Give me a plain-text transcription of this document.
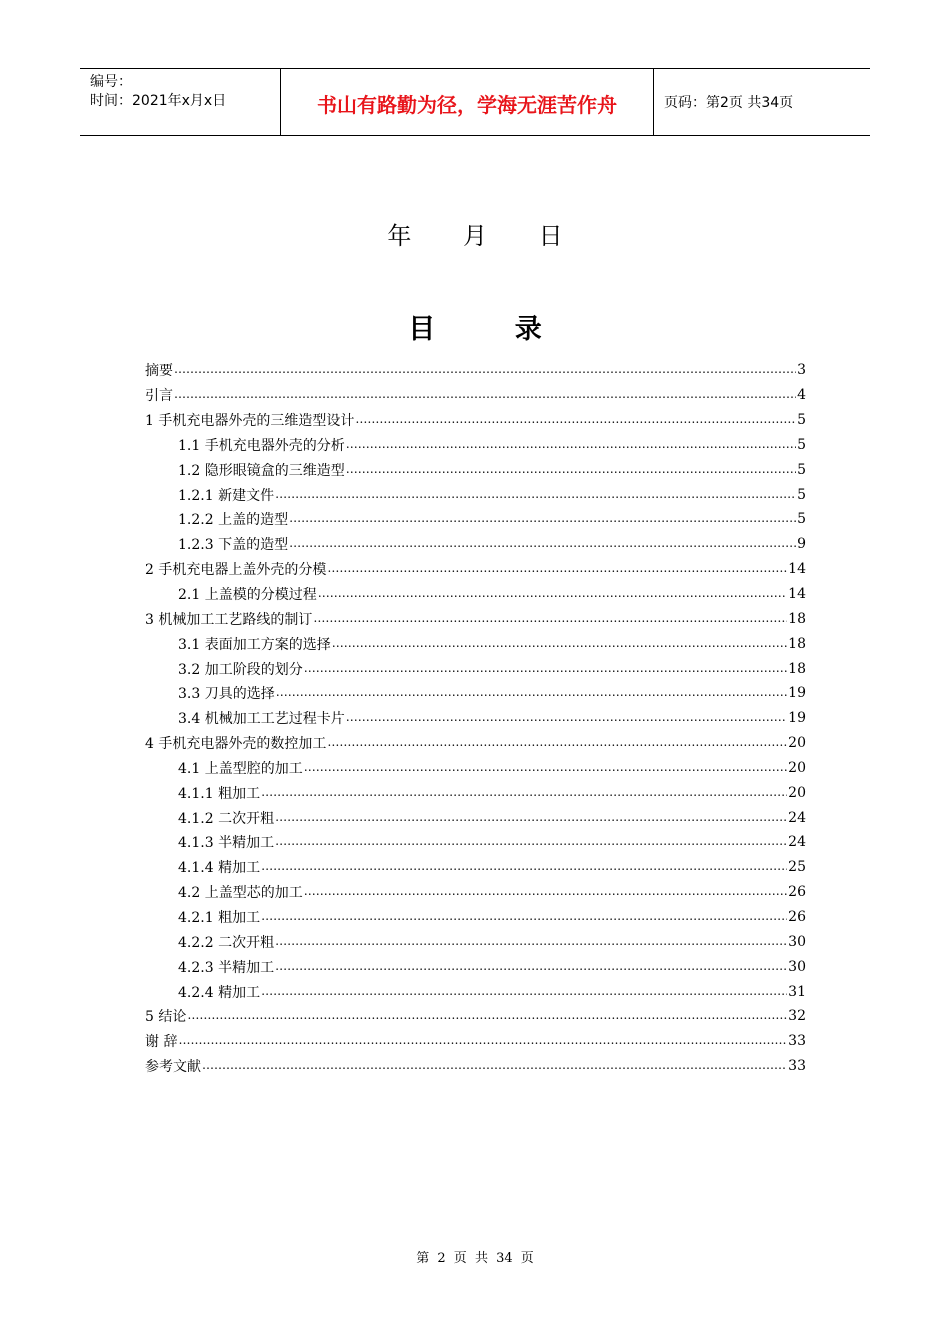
编号：
时间：2021年x月x日	书山有路勤为径，学海无涯苦作舟	页码：第2页 共34页
年 月 日
目	录
摘要 ……………………………………………………………………………………………………………………………………………………………………………………………………………………………………………………………………………	3
引言 ……………………………………………………………………………………………………………………………………………………………………………………………………………………………………………………………………………	4
1 手机充电器外壳的三维造型设计 ……………………………………………………………………………………………………………………………………………………………………………………………………………………………………………………………………………	5
1.1 手机充电器外壳的分析 ……………………………………………………………………………………………………………………………………………………………………………………………………………………………………………………………………………	5
1.2 隐形眼镜盒的三维造型 ……………………………………………………………………………………………………………………………………………………………………………………………………………………………………………………………………………	5
1.2.1 新建文件 ……………………………………………………………………………………………………………………………………………………………………………………………………………………………………………………………………………	5
1.2.2 上盖的造型 ……………………………………………………………………………………………………………………………………………………………………………………………………………………………………………………………………………	5
1.2.3 下盖的造型 ……………………………………………………………………………………………………………………………………………………………………………………………………………………………………………………………………………	9
2 手机充电器上盖外壳的分模 ……………………………………………………………………………………………………………………………………………………………………………………………………………………………………………………………………………	14
2.1 上盖模的分模过程 ……………………………………………………………………………………………………………………………………………………………………………………………………………………………………………………………………………	14
3 机械加工工艺路线的制订 ……………………………………………………………………………………………………………………………………………………………………………………………………………………………………………………………………………	18
3.1 表面加工方案的选择 ……………………………………………………………………………………………………………………………………………………………………………………………………………………………………………………………………………	18
3.2 加工阶段的划分 ……………………………………………………………………………………………………………………………………………………………………………………………………………………………………………………………………………	18
3.3 刀具的选择 ……………………………………………………………………………………………………………………………………………………………………………………………………………………………………………………………………………	19
3.4 机械加工工艺过程卡片 ……………………………………………………………………………………………………………………………………………………………………………………………………………………………………………………………………………	19
4 手机充电器外壳的数控加工 ……………………………………………………………………………………………………………………………………………………………………………………………………………………………………………………………………………	20
4.1 上盖型腔的加工 ……………………………………………………………………………………………………………………………………………………………………………………………………………………………………………………………………………	20
4.1.1 粗加工 ……………………………………………………………………………………………………………………………………………………………………………………………………………………………………………………………………………	20
4.1.2 二次开粗 ……………………………………………………………………………………………………………………………………………………………………………………………………………………………………………………………………………	24
4.1.3 半精加工 ……………………………………………………………………………………………………………………………………………………………………………………………………………………………………………………………………………	24
4.1.4 精加工 ……………………………………………………………………………………………………………………………………………………………………………………………………………………………………………………………………………	25
4.2 上盖型芯的加工 ……………………………………………………………………………………………………………………………………………………………………………………………………………………………………………………………………………	26
4.2.1 粗加工 ……………………………………………………………………………………………………………………………………………………………………………………………………………………………………………………………………………	26
4.2.2 二次开粗 ……………………………………………………………………………………………………………………………………………………………………………………………………………………………………………………………………………	30
4.2.3 半精加工 ……………………………………………………………………………………………………………………………………………………………………………………………………………………………………………………………………………	30
4.2.4 精加工 ……………………………………………………………………………………………………………………………………………………………………………………………………………………………………………………………………………	31
5 结论 ……………………………………………………………………………………………………………………………………………………………………………………………………………………………………………………………………………	32
谢 辞 ……………………………………………………………………………………………………………………………………………………………………………………………………………………………………………………………………………	33
参考文献 ……………………………………………………………………………………………………………………………………………………………………………………………………………………………………………………………………………	33
第 2 页 共 34 页
